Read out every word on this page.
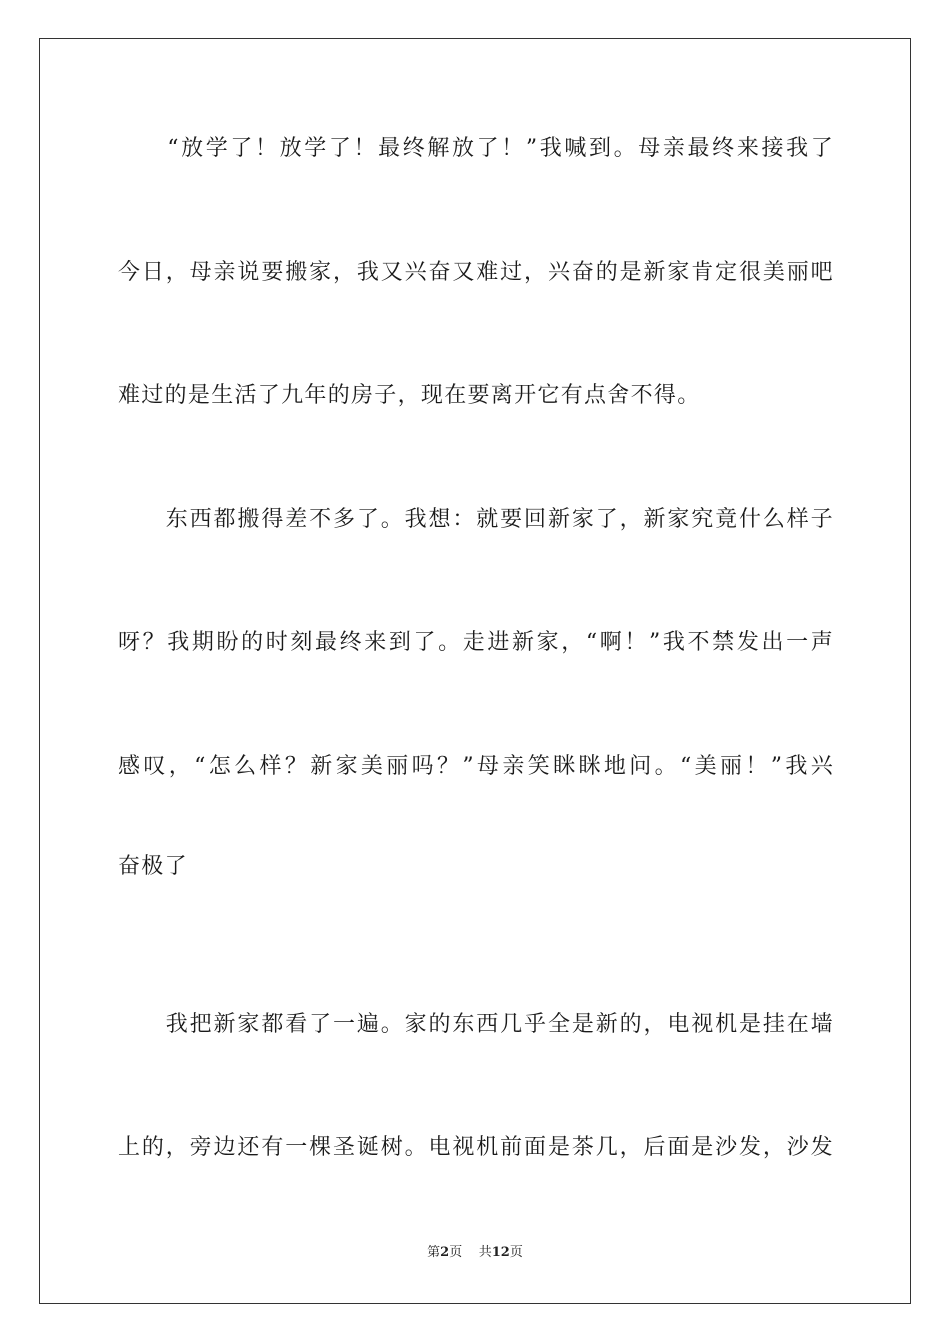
　　“放学了！放学了！最终解放了！”我喊到。母亲最终来接我了
今日，母亲说要搬家，我又兴奋又难过，兴奋的是新家肯定很美丽吧
难过的是生活了九年的房子，现在要离开它有点舍不得。
　　东西都搬得差不多了。我想：就要回新家了，新家究竟什么样子
呀？我期盼的时刻最终来到了。走进新家，“啊！”我不禁发出一声
感叹，“怎么样？新家美丽吗？”母亲笑眯眯地问。“美丽！”我兴
奋极了
　　我把新家都看了一遍。家的东西几乎全是新的，电视机是挂在墙
上的，旁边还有一棵圣诞树。电视机前面是茶几，后面是沙发，沙发
第2页 共12页
